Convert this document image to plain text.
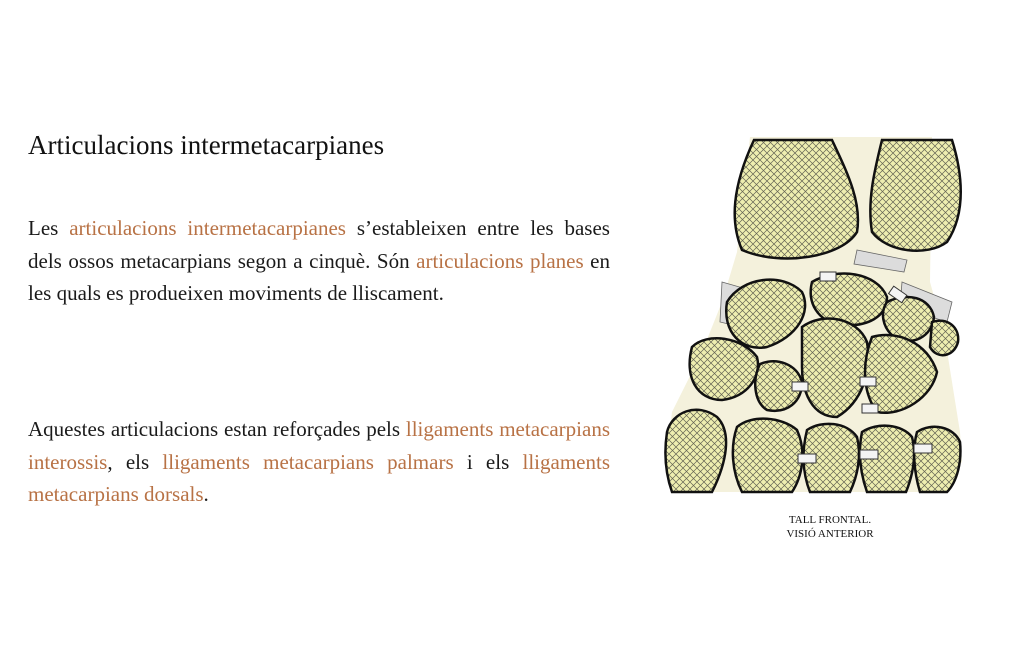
Articulacions intermetacarpianes

Les articulacions intermetacarpianes s’estableixen entre les bases dels ossos metacarpians segon a cinquè. Són articulacions planes en les quals es produeixen moviments de lliscament.

Aquestes articulacions estan reforçades pels lligaments metacarpians interossis, els lligaments metacarpians palmars i els lligaments metacarpians dorsals.

TALL FRONTAL.
VISIÓ ANTERIOR
